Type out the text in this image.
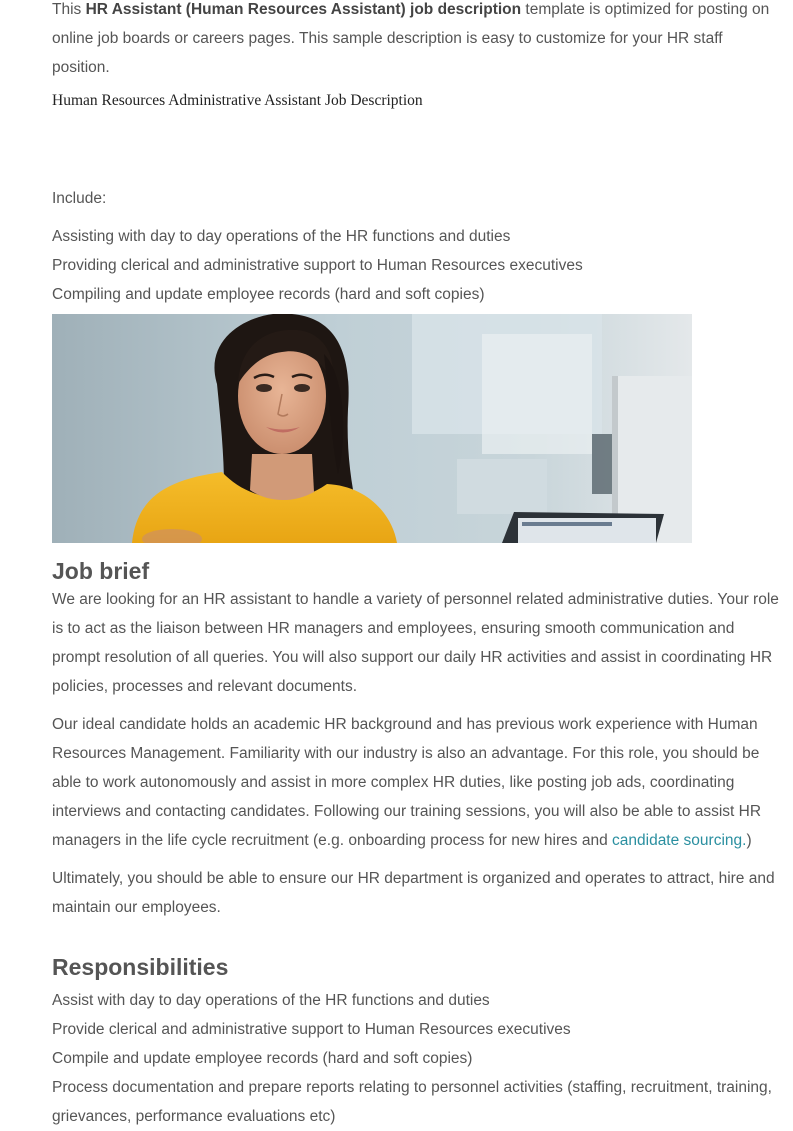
This HR Assistant (Human Resources Assistant) job description template is optimized for posting on online job boards or careers pages. This sample description is easy to customize for your HR staff position.

Human Resources Administrative Assistant Job Description

Include:

Assisting with day to day operations of the HR functions and duties
Providing clerical and administrative support to Human Resources executives
Compiling and update employee records (hard and soft copies)
Job brief

We are looking for an HR assistant to handle a variety of personnel related administrative duties. Your role is to act as the liaison between HR managers and employees, ensuring smooth communication and prompt resolution of all queries. You will also support our daily HR activities and assist in coordinating HR policies, processes and relevant documents.

Our ideal candidate holds an academic HR background and has previous work experience with Human Resources Management. Familiarity with our industry is also an advantage. For this role, you should be able to work autonomously and assist in more complex HR duties, like posting job ads, coordinating interviews and contacting candidates. Following our training sessions, you will also be able to assist HR managers in the life cycle recruitment (e.g. onboarding process for new hires and candidate sourcing.)

Ultimately, you should be able to ensure our HR department is organized and operates to attract, hire and maintain our employees.

Responsibilities
Assist with day to day operations of the HR functions and duties
Provide clerical and administrative support to Human Resources executives
Compile and update employee records (hard and soft copies)
Process documentation and prepare reports relating to personnel activities (staffing, recruitment, training, grievances, performance evaluations etc)
